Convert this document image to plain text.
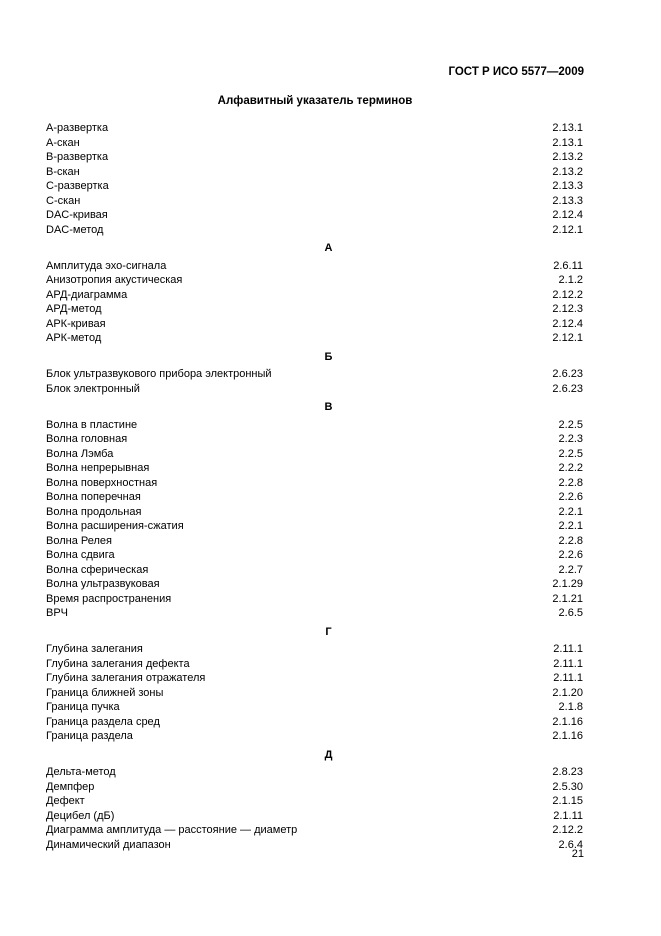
ГОСТ Р ИСО 5577—2009
Алфавитный указатель терминов
А-развертка	2.13.1
А-скан	2.13.1
В-развертка	2.13.2
В-скан	2.13.2
С-развертка	2.13.3
С-скан	2.13.3
DAC-кривая	2.12.4
DAC-метод	2.12.1
А
Амплитуда эхо-сигнала	2.6.11
Анизотропия акустическая	2.1.2
АРД-диаграмма	2.12.2
АРД-метод	2.12.3
АРК-кривая	2.12.4
АРК-метод	2.12.1
Б
Блок ультразвукового прибора электронный	2.6.23
Блок электронный	2.6.23
В
Волна в пластине	2.2.5
Волна головная	2.2.3
Волна Лэмба	2.2.5
Волна непрерывная	2.2.2
Волна поверхностная	2.2.8
Волна поперечная	2.2.6
Волна продольная	2.2.1
Волна расширения-сжатия	2.2.1
Волна Релея	2.2.8
Волна сдвига	2.2.6
Волна сферическая	2.2.7
Волна ультразвуковая	2.1.29
Время распространения	2.1.21
ВРЧ	2.6.5
Г
Глубина залегания	2.11.1
Глубина залегания дефекта	2.11.1
Глубина залегания отражателя	2.11.1
Граница ближней зоны	2.1.20
Граница пучка	2.1.8
Граница раздела сред	2.1.16
Граница раздела	2.1.16
Д
Дельта-метод	2.8.23
Демпфер	2.5.30
Дефект	2.1.15
Децибел (дБ)	2.1.11
Диаграмма амплитуда — расстояние — диаметр	2.12.2
Динамический диапазон	2.6.4
21
